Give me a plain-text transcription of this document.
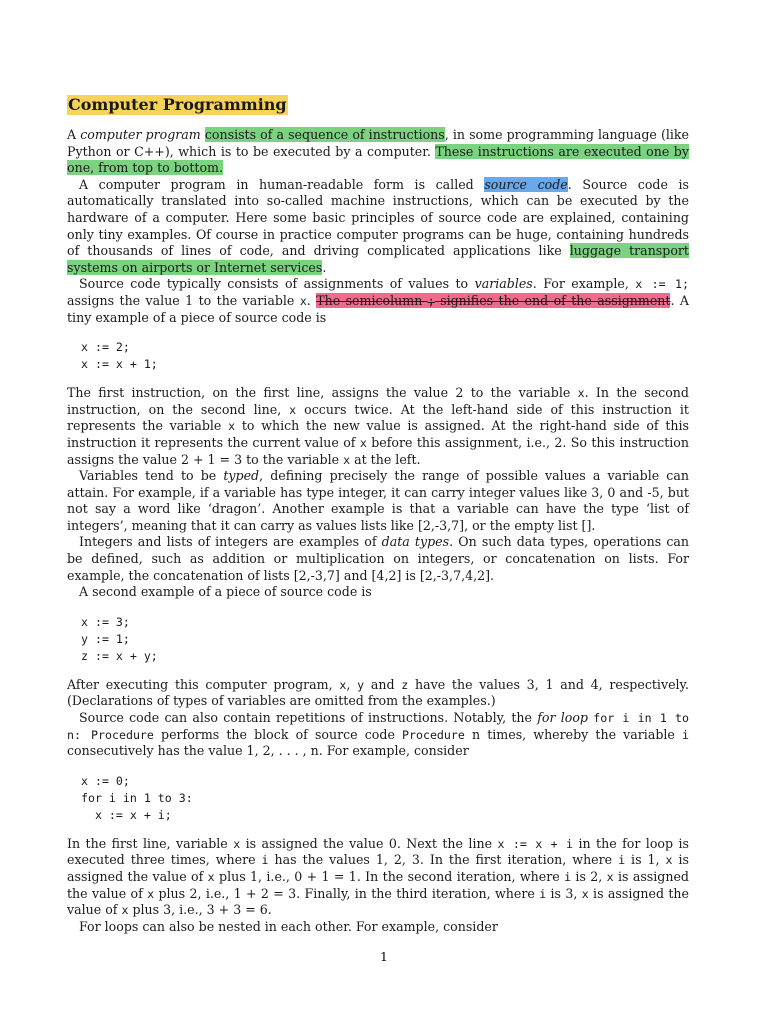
Computer Programming

A computer program consists of a sequence of instructions, in some programming language (like Python or C++), which is to be executed by a computer. These instructions are executed one by one, from top to bottom.

A computer program in human-readable form is called source code. Source code is automatically translated into so-called machine instructions, which can be executed by the hardware of a computer. Here some basic principles of source code are explained, containing only tiny examples. Of course in practice computer programs can be huge, containing hundreds of thousands of lines of code, and driving complicated applications like luggage transport systems on airports or Internet services.

Source code typically consists of assignments of values to variables. For example, x := 1; assigns the value 1 to the variable x. The semicolumn ; signifies the end of the assignment. A tiny example of a piece of source code is

x := 2;
x := x + 1;

The first instruction, on the first line, assigns the value 2 to the variable x. In the second instruction, on the second line, x occurs twice. At the left-hand side of this instruction it represents the variable x to which the new value is assigned. At the right-hand side of this instruction it represents the current value of x before this assignment, i.e., 2. So this instruction assigns the value 2 + 1 = 3 to the variable x at the left.

Variables tend to be typed, defining precisely the range of possible values a variable can attain. For example, if a variable has type integer, it can carry integer values like 3, 0 and -5, but not say a word like ‘dragon’. Another example is that a variable can have the type ‘list of integers’, meaning that it can carry as values lists like [2,-3,7], or the empty list [].

Integers and lists of integers are examples of data types. On such data types, operations can be defined, such as addition or multiplication on integers, or concatenation on lists. For example, the concatenation of lists [2,-3,7] and [4,2] is [2,-3,7,4,2].

A second example of a piece of source code is

x := 3;
y := 1;
z := x + y;

After executing this computer program, x, y and z have the values 3, 1 and 4, respectively. (Declarations of types of variables are omitted from the examples.)

Source code can also contain repetitions of instructions. Notably, the for loop for i in 1 to n: Procedure performs the block of source code Procedure n times, whereby the variable i consecutively has the value 1, 2, . . . , n. For example, consider

x := 0;
for i in 1 to 3:
x := x + i;

In the first line, variable x is assigned the value 0. Next the line x := x + i in the for loop is executed three times, where i has the values 1, 2, 3. In the first iteration, where i is 1, x is assigned the value of x plus 1, i.e., 0 + 1 = 1. In the second iteration, where i is 2, x is assigned the value of x plus 2, i.e., 1 + 2 = 3. Finally, in the third iteration, where i is 3, x is assigned the value of x plus 3, i.e., 3 + 3 = 6.

For loops can also be nested in each other. For example, consider

1
